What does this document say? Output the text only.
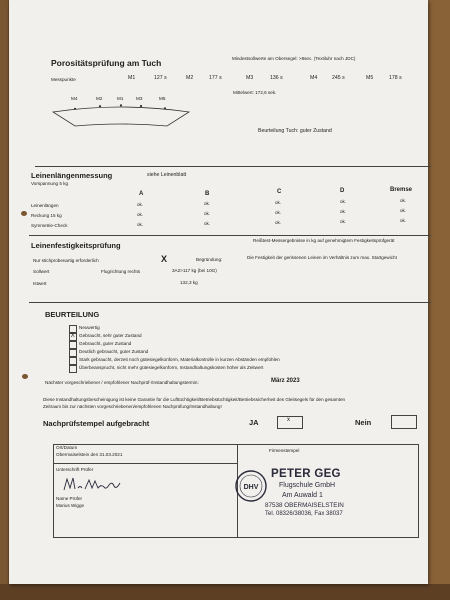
Porositätsprüfung am Tuch	Mindestsollwerte am Obersegel: >8sec. (Textiluhr nach JDC)
Messpunkte	M1	127 s	M2	177 s	M3	136 s	M4	245 s	M5	178 s
M4	M2	M1	M3	M5
Mittelwert: 172,6 sek.
Beurteilung Tuch: guter Zustand
Leinenlängenmessung	siehe Leinenblatt
Vorspannung 5 kg
A	B	C	D	Bremse
Leinenlängen	ok.	ok.	ok.	ok.	ok.
Reckung 15 kg	ok.	ok.	ok.	ok.	ok.
Symmetrie-Check	ok.	ok.	ok.	ok.	ok.
Leinenfestigkeitsprüfung
Reißtest-Messergebnisse in kg auf genehmigtem Festigkeitsprüfgerät
Nur stichprobenartig erforderlich	X	Begründung:	Die Festigkeit der gerissenen Leinen im Verhältnis zum max. Startgewicht
Sollwert	Flugrichtung rechts	3A2>117 kg (bei 10G)
Istwert	132,3 kg
BEURTEILUNG
Neuwertig
X Gebraucht, sehr guter Zustand
Gebraucht, guter Zustand
Deutlich gebraucht, guter Zustand
Stark gebraucht, derzeit noch gütesiegelkonform, Materialkontrolle in kurzen Abständen empfohlen
Überbeansprucht, nicht mehr gütesiegelkonform, Instandhaltungskosten höher als Zeitwert
Nächster vorgeschriebener / empfohlener Nachprüf-/Instandhaltungstermin:	März 2023
Diese Instandhaltungsbescheinigung ist keine Garantie für die Lufttüchtigkeit/Betriebstüchtigkeit/Betriebssicherheit des Gleitsegels für den gesamten
Zeitraum bis zur nächsten vorgeschriebenen/empfohlenen Nachprüfung/Instandhaltung!
Nachprüfstempel aufgebracht	JA	x	Nein
Ort/Datum
Obermaiselstein den 31.03.2021
Firmenstempel
Unterschrift Prüfer
Name Prüfer
Marius Wigge
DHV
PETER GEG
Flugschule GmbH
Am Auwald 1
87538 OBERMAISELSTEIN
Tel. 08326/38036, Fax 38037
